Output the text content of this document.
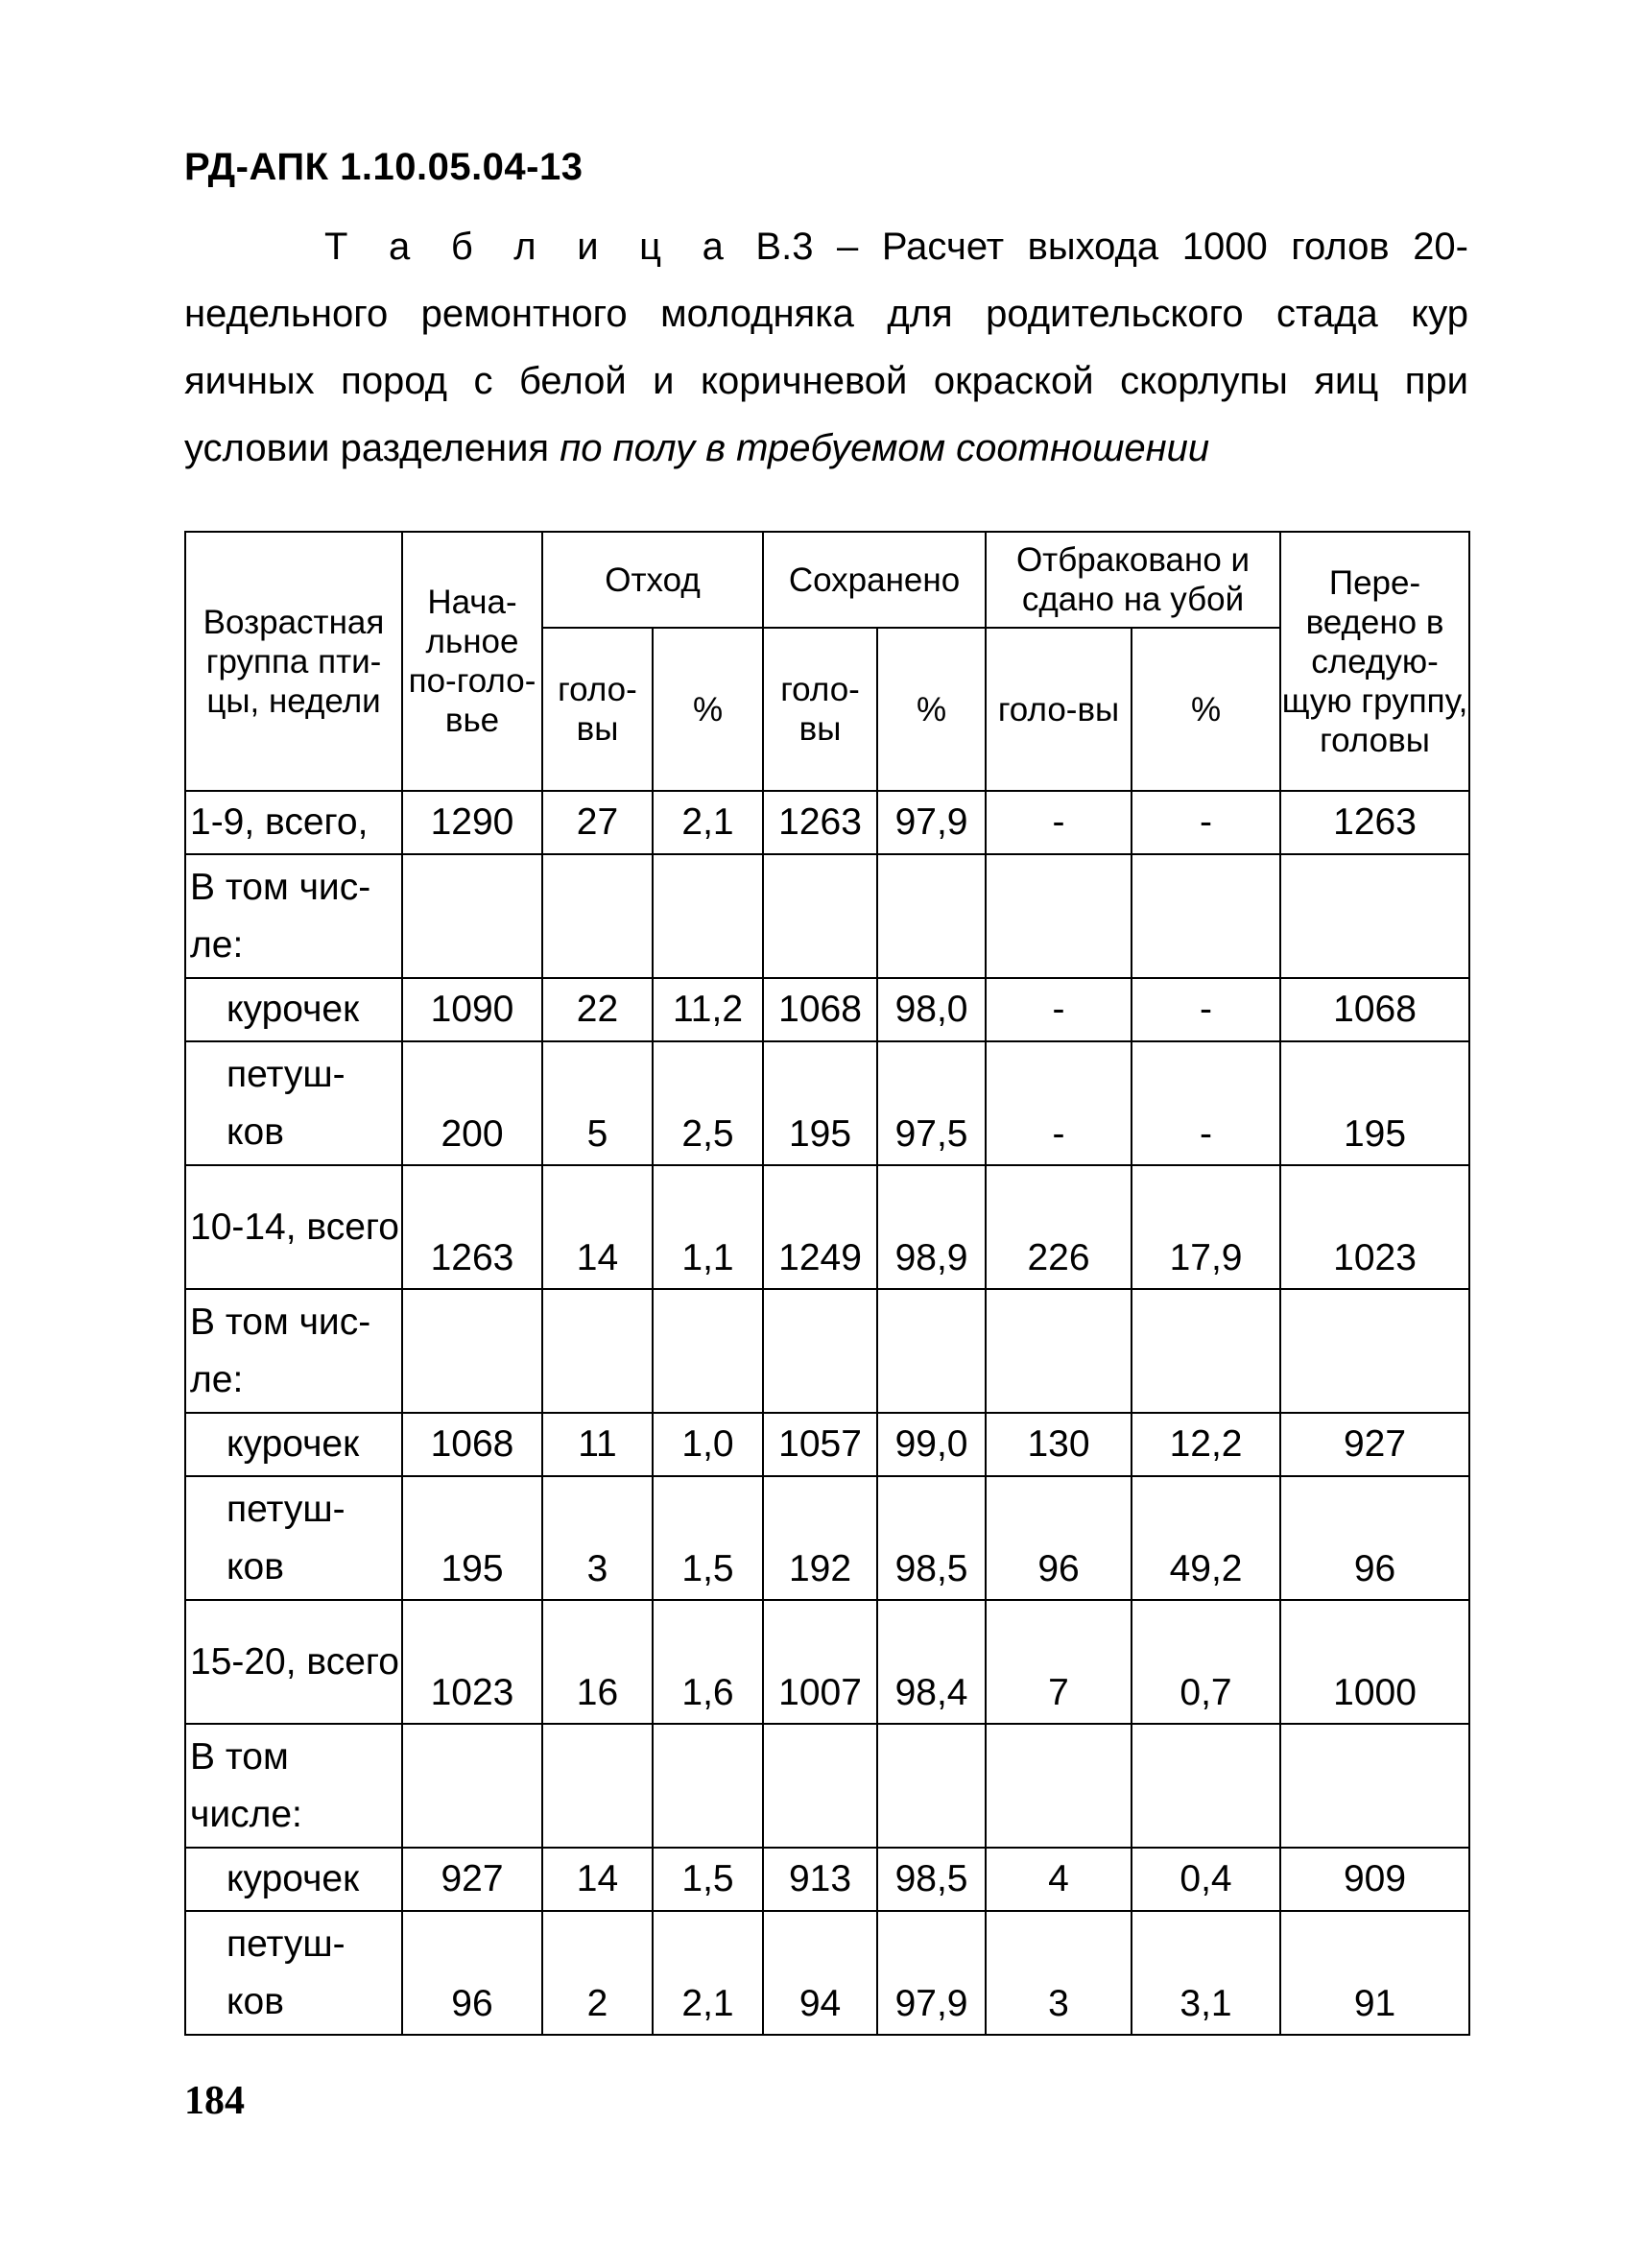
РД-АПК 1.10.05.04-13
Т а б л и ц а В.3 – Расчет выхода 1000 голов 20-недельного ремонтного молодняка для родительского стада кур яичных пород с белой и коричневой окраской скорлупы яиц при условии разделения по полу в требуемом соотношении
Возрастная группа пти-цы, недели	Нача-льное по-голо-вье	Отход		Сохранено		Отбраковано и сдано на убой		Пере-ведено в следую-щую группу, головы
		голо-вы	%	голо-вы	%	голо-вы	%	
1-9, всего,	1290	27	2,1	1263	97,9	-	-	1263
В том чис-ле:								
курочек	1090	22	11,2	1068	98,0	-	-	1068
петуш-ков	200	5	2,5	195	97,5	-	-	195
10-14, всего	1263	14	1,1	1249	98,9	226	17,9	1023
В том чис-ле:								
курочек	1068	11	1,0	1057	99,0	130	12,2	927
петуш-ков	195	3	1,5	192	98,5	96	49,2	96
15-20, всего	1023	16	1,6	1007	98,4	7	0,7	1000
В том числе:								
курочек	927	14	1,5	913	98,5	4	0,4	909
петуш-ков	96	2	2,1	94	97,9	3	3,1	91
184
